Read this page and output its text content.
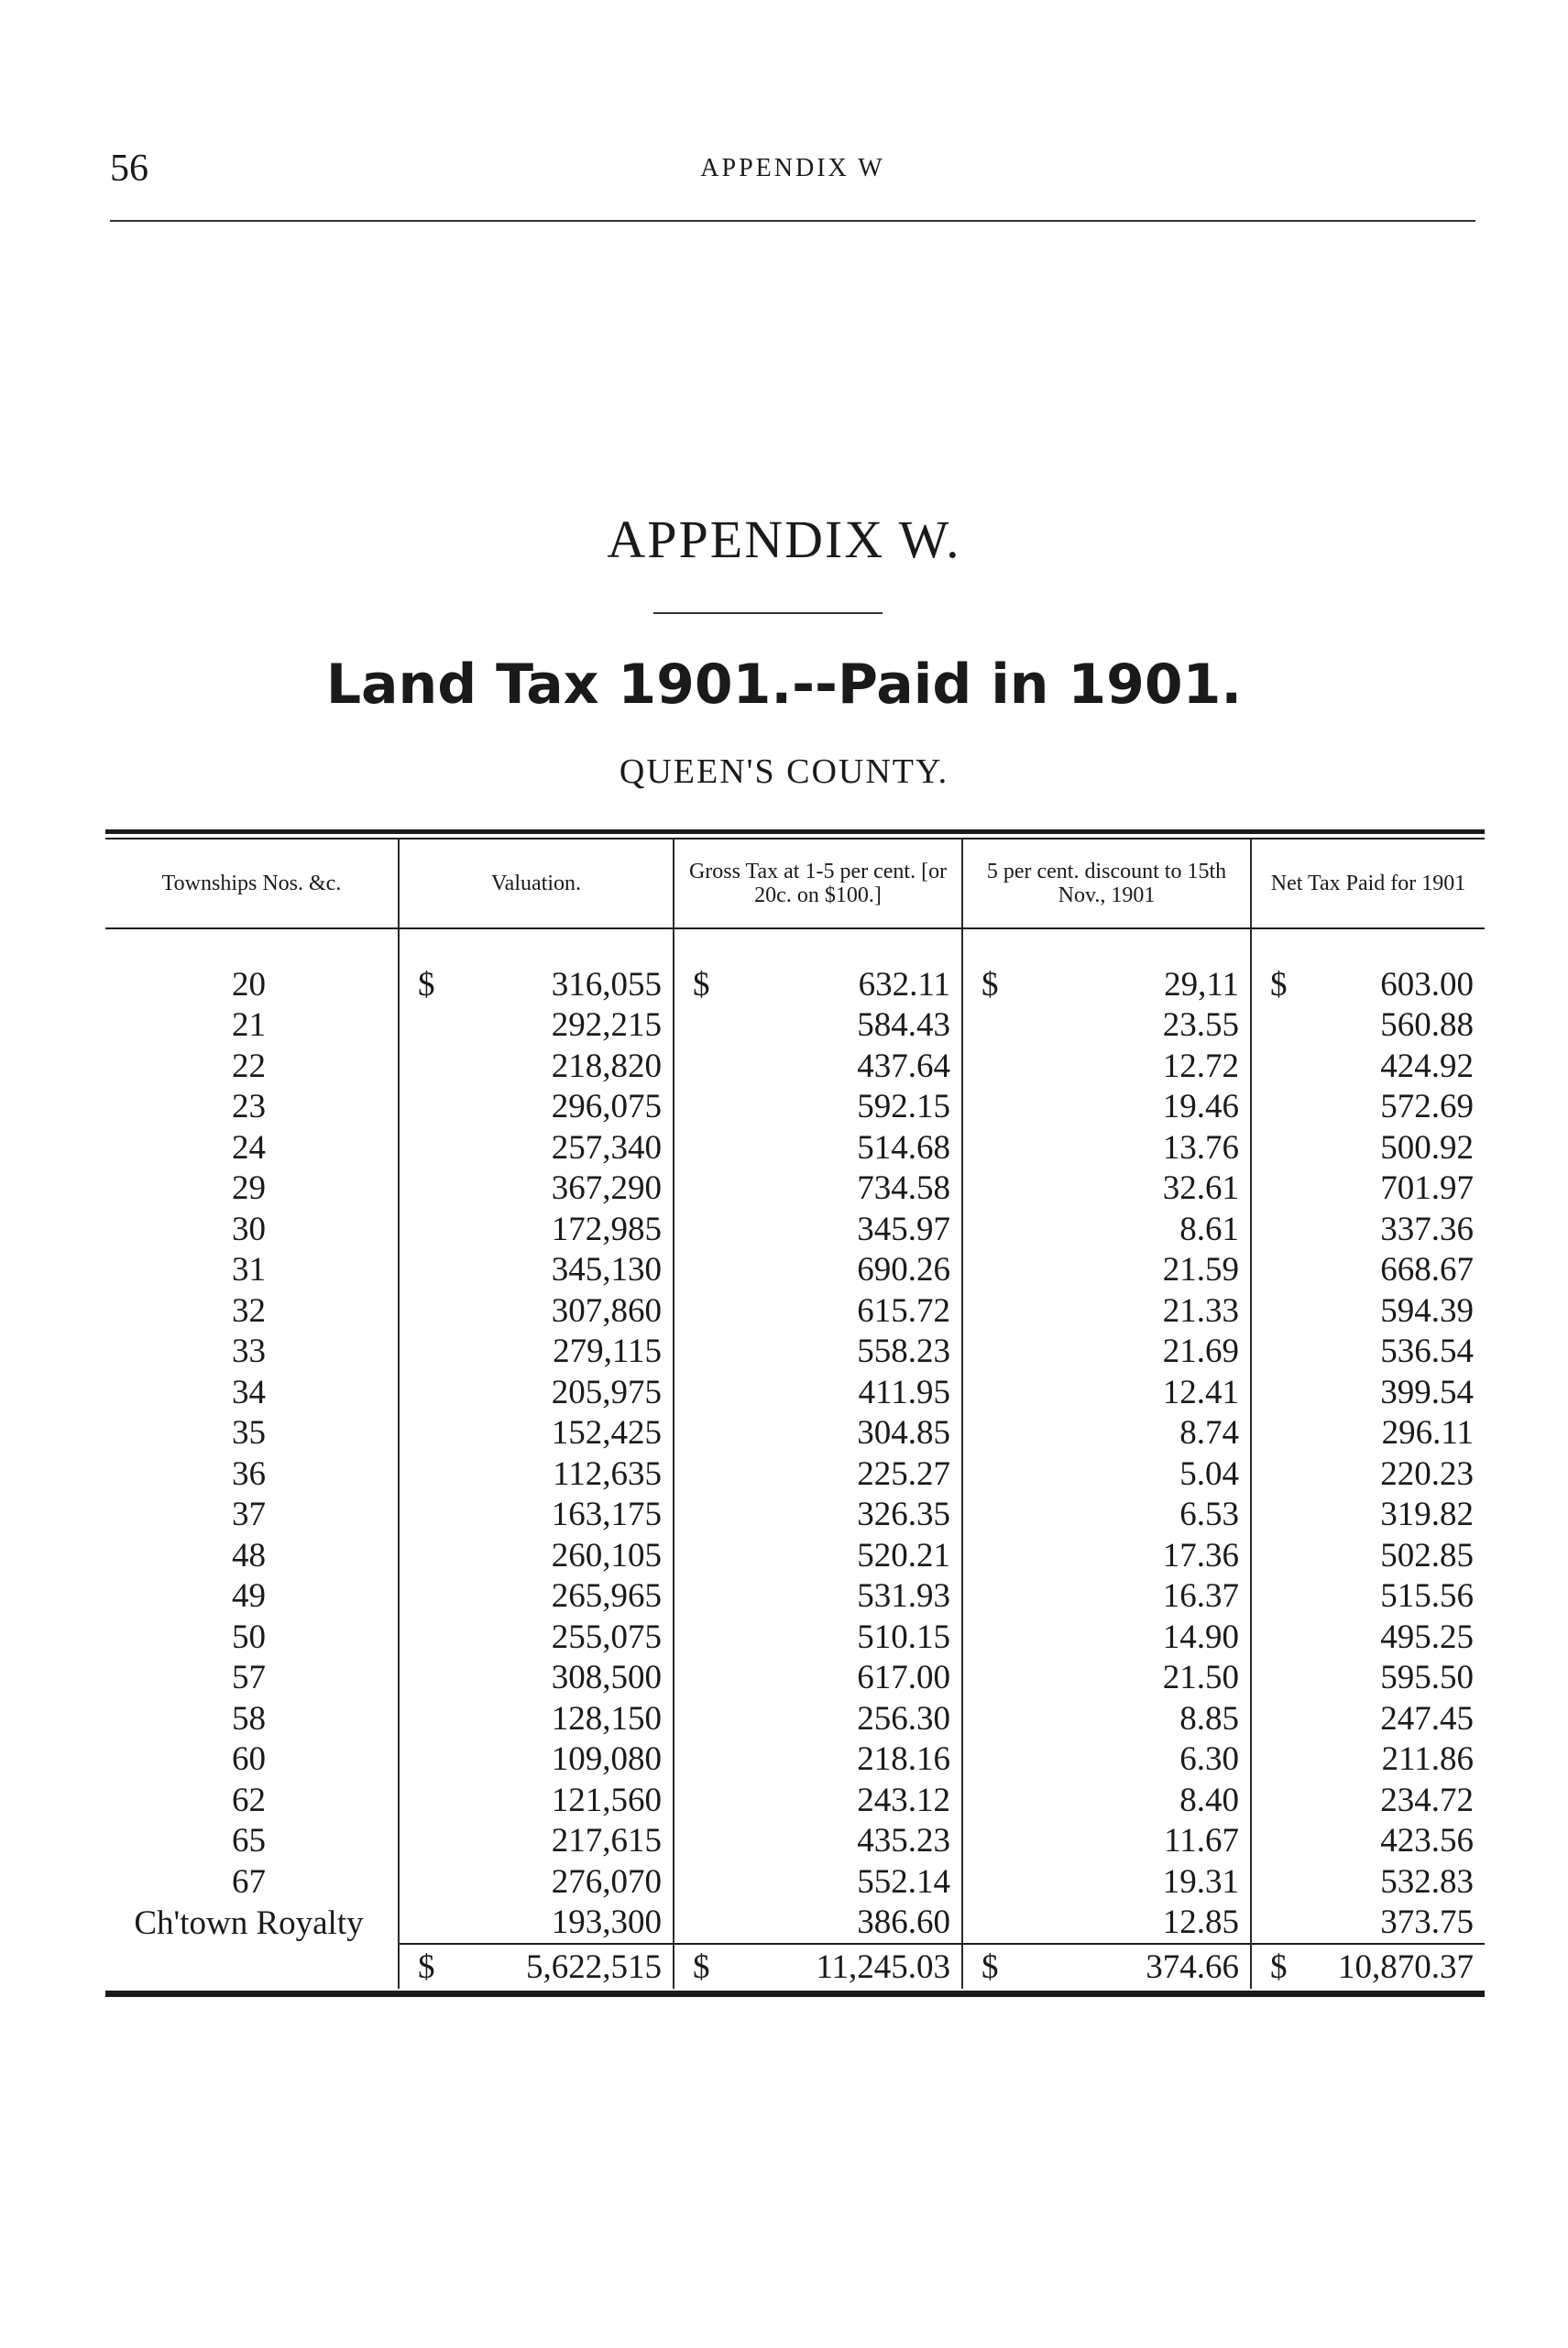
56	APPENDIX W
APPENDIX W.
Land Tax 1901.--Paid in 1901.
QUEEN'S COUNTY.
Townships Nos. &c.	Valuation.	Gross Tax at 1-5 per cent. [or 20c. on $100.]	5 per cent. discount to 15th Nov., 1901	Net Tax Paid for 1901
20	$ 316,055	$ 632.11	$ 29,11	$ 603.00
21	292,215	584.43	23.55	560.88
22	218,820	437.64	12.72	424.92
23	296,075	592.15	19.46	572.69
24	257,340	514.68	13.76	500.92
29	367,290	734.58	32.61	701.97
30	172,985	345.97	8.61	337.36
31	345,130	690.26	21.59	668.67
32	307,860	615.72	21.33	594.39
33	279,115	558.23	21.69	536.54
34	205,975	411.95	12.41	399.54
35	152,425	304.85	8.74	296.11
36	112,635	225.27	5.04	220.23
37	163,175	326.35	6.53	319.82
48	260,105	520.21	17.36	502.85
49	265,965	531.93	16.37	515.56
50	255,075	510.15	14.90	495.25
57	308,500	617.00	21.50	595.50
58	128,150	256.30	8.85	247.45
60	109,080	218.16	6.30	211.86
62	121,560	243.12	8.40	234.72
65	217,615	435.23	11.67	423.56
67	276,070	552.14	19.31	532.83
Ch'town Royalty	193,300	386.60	12.85	373.75

	$ 5,622,515	$ 11,245.03	$ 374.66	$ 10,870.37
